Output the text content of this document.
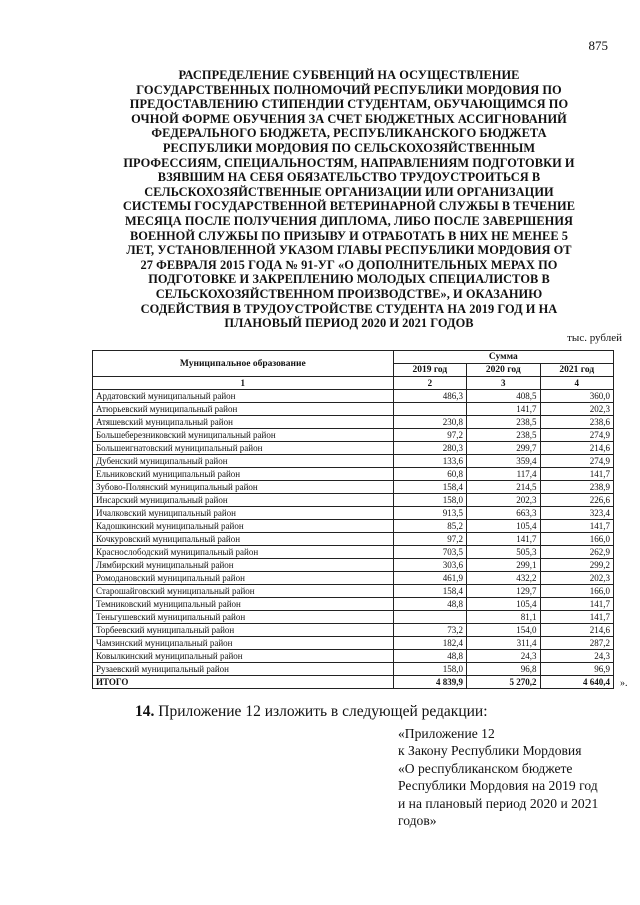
875
РАСПРЕДЕЛЕНИЕ СУБВЕНЦИЙ НА ОСУЩЕСТВЛЕНИЕ
ГОСУДАРСТВЕННЫХ ПОЛНОМОЧИЙ РЕСПУБЛИКИ МОРДОВИЯ ПО
ПРЕДОСТАВЛЕНИЮ СТИПЕНДИИ СТУДЕНТАМ, ОБУЧАЮЩИМСЯ ПО
ОЧНОЙ ФОРМЕ ОБУЧЕНИЯ ЗА СЧЕТ БЮДЖЕТНЫХ АССИГНОВАНИЙ
ФЕДЕРАЛЬНОГО БЮДЖЕТА, РЕСПУБЛИКАНСКОГО БЮДЖЕТА
РЕСПУБЛИКИ МОРДОВИЯ ПО СЕЛЬСКОХОЗЯЙСТВЕННЫМ
ПРОФЕССИЯМ, СПЕЦИАЛЬНОСТЯМ, НАПРАВЛЕНИЯМ ПОДГОТОВКИ И
ВЗЯВШИМ НА СЕБЯ ОБЯЗАТЕЛЬСТВО ТРУДОУСТРОИТЬСЯ В
СЕЛЬСКОХОЗЯЙСТВЕННЫЕ ОРГАНИЗАЦИИ ИЛИ ОРГАНИЗАЦИИ
СИСТЕМЫ ГОСУДАРСТВЕННОЙ ВЕТЕРИНАРНОЙ СЛУЖБЫ В ТЕЧЕНИЕ
МЕСЯЦА ПОСЛЕ ПОЛУЧЕНИЯ ДИПЛОМА, ЛИБО ПОСЛЕ ЗАВЕРШЕНИЯ
ВОЕННОЙ СЛУЖБЫ ПО ПРИЗЫВУ И ОТРАБОТАТЬ В НИХ НЕ МЕНЕЕ 5
ЛЕТ, УСТАНОВЛЕННОЙ УКАЗОМ ГЛАВЫ РЕСПУБЛИКИ МОРДОВИЯ ОТ
27 ФЕВРАЛЯ 2015 ГОДА № 91-УГ «О ДОПОЛНИТЕЛЬНЫХ МЕРАХ ПО
ПОДГОТОВКЕ И ЗАКРЕПЛЕНИЮ МОЛОДЫХ СПЕЦИАЛИСТОВ В
СЕЛЬСКОХОЗЯЙСТВЕННОМ ПРОИЗВОДСТВЕ», И ОКАЗАНИЮ
СОДЕЙСТВИЯ В ТРУДОУСТРОЙСТВЕ СТУДЕНТА НА 2019 ГОД И НА
ПЛАНОВЫЙ ПЕРИОД 2020 И 2021 ГОДОВ
тыс. рублей
Муниципальное образование	Сумма		
	2019 год	2020 год	2021 год
1	2	3	4
Ардатовский муниципальный район	486,3	408,5	360,0
Атюрьевский муниципальный район		141,7	202,3
Атяшевский муниципальный район	230,8	238,5	238,6
Большеберезниковский муниципальный район	97,2	238,5	274,9
Большеигнатовский муниципальный район	280,3	299,7	214,6
Дубенский муниципальный район	133,6	359,4	274,9
Ельниковский муниципальный район	60,8	117,4	141,7
Зубово-Полянский муниципальный район	158,4	214,5	238,9
Инсарский муниципальный район	158,0	202,3	226,6
Ичалковский муниципальный район	913,5	663,3	323,4
Кадошкинский муниципальный район	85,2	105,4	141,7
Кочкуровский муниципальный район	97,2	141,7	166,0
Краснослободский муниципальный район	703,5	505,3	262,9
Лямбирский муниципальный район	303,6	299,1	299,2
Ромодановский муниципальный район	461,9	432,2	202,3
Старошайговский муниципальный район	158,4	129,7	166,0
Темниковский муниципальный район	48,8	105,4	141,7
Теньгушевский муниципальный район		81,1	141,7
Торбеевский муниципальный район	73,2	154,0	214,6
Чамзинский муниципальный район	182,4	311,4	287,2
Ковылкинский муниципальный район	48,8	24,3	24,3
Рузаевский муниципальный район	158,0	96,8	96,9
ИТОГО	4 839,9	5 270,2	4 640,4 ».
14. Приложение 12 изложить в следующей редакции:
«Приложение 12
к Закону Республики Мордовия
«О республиканском бюджете
Республики Мордовия на 2019 год
и на плановый период 2020 и 2021
годов»
